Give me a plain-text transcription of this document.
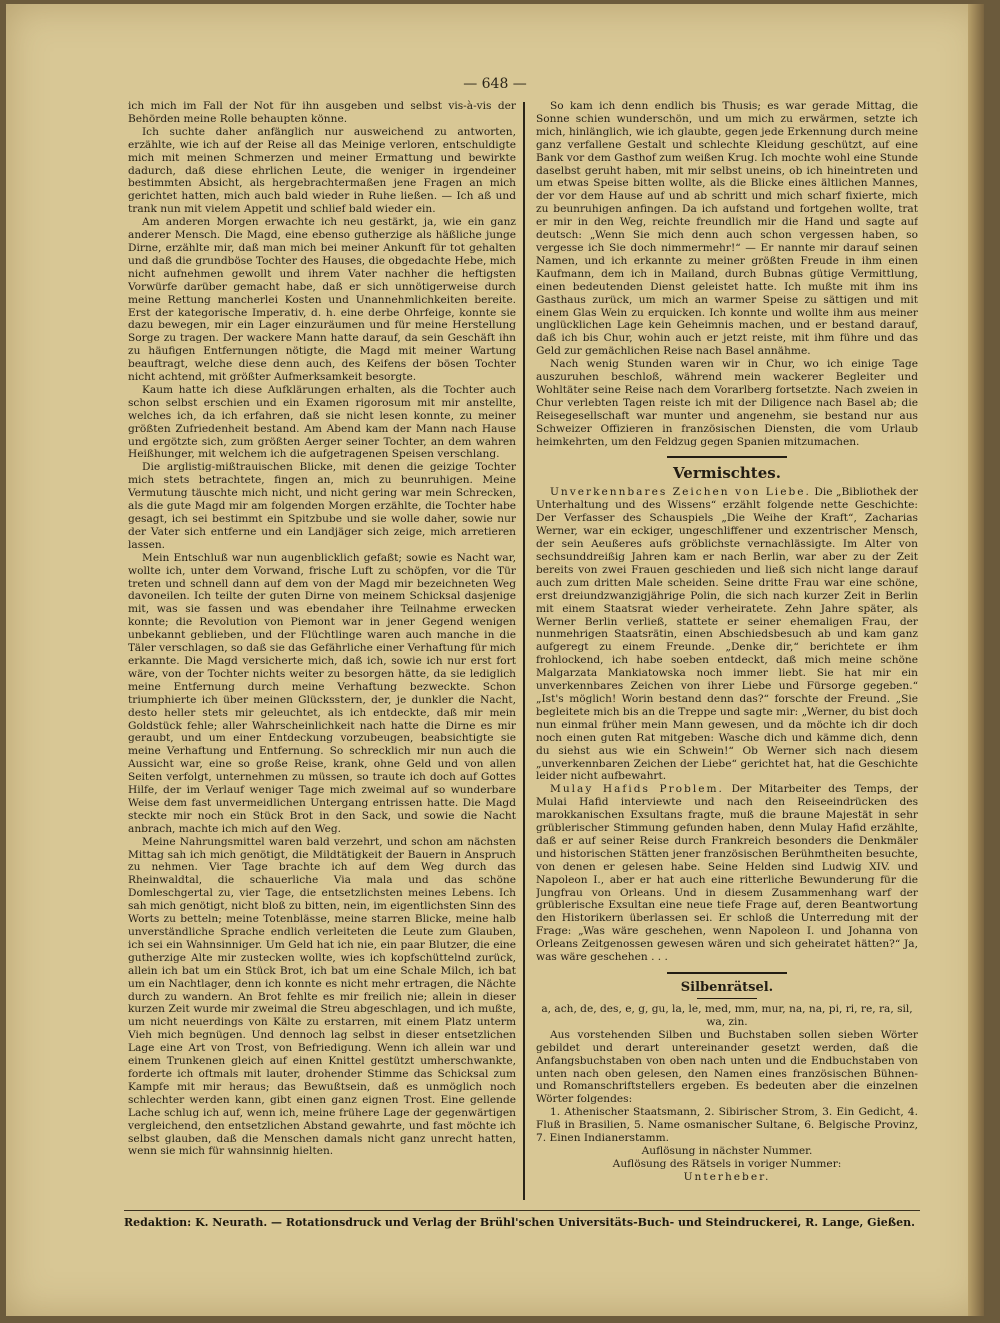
— 648 —

ich mich im Fall der Not für ihn ausgeben und selbst vis-à-vis der Behörden meine Rolle behaupten könne.

Ich suchte daher anfänglich nur ausweichend zu antworten, erzählte, wie ich auf der Reise all das Meinige verloren, entschuldigte mich mit meinen Schmerzen und meiner Ermattung und bewirkte dadurch, daß diese ehrlichen Leute, die weniger in irgendeiner bestimmten Absicht, als hergebrachtermaßen jene Fragen an mich gerichtet hatten, mich auch bald wieder in Ruhe ließen. — Ich aß und trank nun mit vielem Appetit und schlief bald wieder ein.

Am anderen Morgen erwachte ich neu gestärkt, ja, wie ein ganz anderer Mensch. Die Magd, eine ebenso gutherzige als häßliche junge Dirne, erzählte mir, daß man mich bei meiner Ankunft für tot gehalten und daß die grundböse Tochter des Hauses, die obgedachte Hebe, mich nicht aufnehmen gewollt und ihrem Vater nachher die heftigsten Vorwürfe darüber gemacht habe, daß er sich unnötigerweise durch meine Rettung mancherlei Kosten und Unannehmlichkeiten bereite. Erst der kategorische Imperativ, d. h. eine derbe Ohrfeige, konnte sie dazu bewegen, mir ein Lager einzuräumen und für meine Herstellung Sorge zu tragen. Der wackere Mann hatte darauf, da sein Geschäft ihn zu häufigen Entfernungen nötigte, die Magd mit meiner Wartung beauftragt, welche diese denn auch, des Keifens der bösen Tochter nicht achtend, mit größter Aufmerksamkeit besorgte.

Kaum hatte ich diese Aufklärungen erhalten, als die Tochter auch schon selbst erschien und ein Examen rigorosum mit mir anstellte, welches ich, da ich erfahren, daß sie nicht lesen konnte, zu meiner größten Zufriedenheit bestand. Am Abend kam der Mann nach Hause und ergötzte sich, zum größten Aerger seiner Tochter, an dem wahren Heißhunger, mit welchem ich die aufgetragenen Speisen verschlang.

Die arglistig-mißtrauischen Blicke, mit denen die geizige Tochter mich stets betrachtete, fingen an, mich zu beunruhigen. Meine Vermutung täuschte mich nicht, und nicht gering war mein Schrecken, als die gute Magd mir am folgenden Morgen erzählte, die Tochter habe gesagt, ich sei bestimmt ein Spitzbube und sie wolle daher, sowie nur der Vater sich entferne und ein Landjäger sich zeige, mich arretieren lassen.

Mein Entschluß war nun augenblicklich gefaßt; sowie es Nacht war, wollte ich, unter dem Vorwand, frische Luft zu schöpfen, vor die Tür treten und schnell dann auf dem von der Magd mir bezeichneten Weg davoneilen. Ich teilte der guten Dirne von meinem Schicksal dasjenige mit, was sie fassen und was ebendaher ihre Teilnahme erwecken konnte; die Revolution von Piemont war in jener Gegend wenigen unbekannt geblieben, und der Flüchtlinge waren auch manche in die Täler verschlagen, so daß sie das Gefährliche einer Verhaftung für mich erkannte. Die Magd versicherte mich, daß ich, sowie ich nur erst fort wäre, von der Tochter nichts weiter zu besorgen hätte, da sie lediglich meine Entfernung durch meine Verhaftung bezweckte. Schon triumphierte ich über meinen Glücksstern, der, je dunkler die Nacht, desto heller stets mir geleuchtet, als ich entdeckte, daß mir mein Goldstück fehle; aller Wahrscheinlichkeit nach hatte die Dirne es mir geraubt, und um einer Entdeckung vorzubeugen, beabsichtigte sie meine Verhaftung und Entfernung. So schrecklich mir nun auch die Aussicht war, eine so große Reise, krank, ohne Geld und von allen Seiten verfolgt, unternehmen zu müssen, so traute ich doch auf Gottes Hilfe, der im Verlauf weniger Tage mich zweimal auf so wunderbare Weise dem fast unvermeidlichen Untergang entrissen hatte. Die Magd steckte mir noch ein Stück Brot in den Sack, und sowie die Nacht anbrach, machte ich mich auf den Weg.

Meine Nahrungsmittel waren bald verzehrt, und schon am nächsten Mittag sah ich mich genötigt, die Mildtätigkeit der Bauern in Anspruch zu nehmen. Vier Tage brachte ich auf dem Weg durch das Rheinwaldtal, die schauerliche Via mala und das schöne Domleschgertal zu, vier Tage, die entsetzlichsten meines Lebens. Ich sah mich genötigt, nicht bloß zu bitten, nein, im eigentlichsten Sinn des Worts zu betteln; meine Totenblässe, meine starren Blicke, meine halb unverständliche Sprache endlich verleiteten die Leute zum Glauben, ich sei ein Wahnsinniger. Um Geld hat ich nie, ein paar Blutzer, die eine gutherzige Alte mir zustecken wollte, wies ich kopfschüttelnd zurück, allein ich bat um ein Stück Brot, ich bat um eine Schale Milch, ich bat um ein Nachtlager, denn ich konnte es nicht mehr ertragen, die Nächte durch zu wandern. An Brot fehlte es mir freilich nie; allein in dieser kurzen Zeit wurde mir zweimal die Streu abgeschlagen, und ich mußte, um nicht neuerdings von Kälte zu erstarren, mit einem Platz unterm Vieh mich begnügen. Und dennoch lag selbst in dieser entsetzlichen Lage eine Art von Trost, von Befriedigung. Wenn ich allein war und einem Trunkenen gleich auf einen Knittel gestützt umherschwankte, forderte ich oftmals mit lauter, drohender Stimme das Schicksal zum Kampfe mit mir heraus; das Bewußtsein, daß es unmöglich noch schlechter werden kann, gibt einen ganz eignen Trost. Eine gellende Lache schlug ich auf, wenn ich, meine frühere Lage der gegenwärtigen vergleichend, den entsetzlichen Abstand gewahrte, und fast möchte ich selbst glauben, daß die Menschen damals nicht ganz unrecht hatten, wenn sie mich für wahnsinnig hielten.

So kam ich denn endlich bis Thusis; es war gerade Mittag, die Sonne schien wunderschön, und um mich zu erwärmen, setzte ich mich, hinlänglich, wie ich glaubte, gegen jede Erkennung durch meine ganz verfallene Gestalt und schlechte Kleidung geschützt, auf eine Bank vor dem Gasthof zum weißen Krug. Ich mochte wohl eine Stunde daselbst geruht haben, mit mir selbst uneins, ob ich hineintreten und um etwas Speise bitten wollte, als die Blicke eines ältlichen Mannes, der vor dem Hause auf und ab schritt und mich scharf fixierte, mich zu beunruhigen anfingen. Da ich aufstand und fortgehen wollte, trat er mir in den Weg, reichte freundlich mir die Hand und sagte auf deutsch: „Wenn Sie mich denn auch schon vergessen haben, so vergesse ich Sie doch nimmermehr!“ — Er nannte mir darauf seinen Namen, und ich erkannte zu meiner größten Freude in ihm einen Kaufmann, dem ich in Mailand, durch Bubnas gütige Vermittlung, einen bedeutenden Dienst geleistet hatte. Ich mußte mit ihm ins Gasthaus zurück, um mich an warmer Speise zu sättigen und mit einem Glas Wein zu erquicken. Ich konnte und wollte ihm aus meiner unglücklichen Lage kein Geheimnis machen, und er bestand darauf, daß ich bis Chur, wohin auch er jetzt reiste, mit ihm führe und das Geld zur gemächlichen Reise nach Basel annähme.

Nach wenig Stunden waren wir in Chur, wo ich einige Tage auszuruhen beschloß, während mein wackerer Begleiter und Wohltäter seine Reise nach dem Vorarlberg fortsetzte. Nach zweien in Chur verlebten Tagen reiste ich mit der Diligence nach Basel ab; die Reisegesellschaft war munter und angenehm, sie bestand nur aus Schweizer Offizieren in französischen Diensten, die vom Urlaub heimkehrten, um den Feldzug gegen Spanien mitzumachen.

Vermischtes.

Unverkennbares Zeichen von Liebe. Die „Bibliothek der Unterhaltung und des Wissens“ erzählt folgende nette Geschichte: Der Verfasser des Schauspiels „Die Weihe der Kraft“, Zacharias Werner, war ein eckiger, ungeschliffener und exzentrischer Mensch, der sein Aeußeres aufs gröblichste vernachlässigte. Im Alter von sechsunddreißig Jahren kam er nach Berlin, war aber zu der Zeit bereits von zwei Frauen geschieden und ließ sich nicht lange darauf auch zum dritten Male scheiden. Seine dritte Frau war eine schöne, erst dreiundzwanzigjährige Polin, die sich nach kurzer Zeit in Berlin mit einem Staatsrat wieder verheiratete. Zehn Jahre später, als Werner Berlin verließ, stattete er seiner ehemaligen Frau, der nunmehrigen Staatsrätin, einen Abschiedsbesuch ab und kam ganz aufgeregt zu einem Freunde. „Denke dir,“ berichtete er ihm frohlockend, ich habe soeben entdeckt, daß mich meine schöne Malgarzata Mankiatowska noch immer liebt. Sie hat mir ein unverkennbares Zeichen von ihrer Liebe und Fürsorge gegeben.“ „Ist's möglich! Worin bestand denn das?“ forschte der Freund. „Sie begleitete mich bis an die Treppe und sagte mir: „Werner, du bist doch nun einmal früher mein Mann gewesen, und da möchte ich dir doch noch einen guten Rat mitgeben: Wasche dich und kämme dich, denn du siehst aus wie ein Schwein!“ Ob Werner sich nach diesem „unverkennbaren Zeichen der Liebe“ gerichtet hat, hat die Geschichte leider nicht aufbewahrt.

Mulay Hafids Problem. Der Mitarbeiter des Temps, der Mulai Hafid interviewte und nach den Reiseeindrücken des marokkanischen Exsultans fragte, muß die braune Majestät in sehr grüblerischer Stimmung gefunden haben, denn Mulay Hafid erzählte, daß er auf seiner Reise durch Frankreich besonders die Denkmäler und historischen Stätten jener französischen Berühmtheiten besuchte, von denen er gelesen habe. Seine Helden sind Ludwig XIV. und Napoleon I., aber er hat auch eine ritterliche Bewunderung für die Jungfrau von Orleans. Und in diesem Zusammenhang warf der grüblerische Exsultan eine neue tiefe Frage auf, deren Beantwortung den Historikern überlassen sei. Er schloß die Unterredung mit der Frage: „Was wäre geschehen, wenn Napoleon I. und Johanna von Orleans Zeitgenossen gewesen wären und sich geheiratet hätten?“ Ja, was wäre geschehen . . .

Silbenrätsel.

a, ach, de, des, e, g, gu, la, le, med, mm, mur, na, na, pi, ri, re, ra, sil, wa, zin.

Aus vorstehenden Silben und Buchstaben sollen sieben Wörter gebildet und derart untereinander gesetzt werden, daß die Anfangsbuchstaben von oben nach unten und die Endbuchstaben von unten nach oben gelesen, den Namen eines französischen Bühnen- und Romanschriftstellers ergeben. Es bedeuten aber die einzelnen Wörter folgendes:

1. Athenischer Staatsmann, 2. Sibirischer Strom, 3. Ein Gedicht, 4. Fluß in Brasilien, 5. Name osmanischer Sultane, 6. Belgische Provinz, 7. Einen Indianerstamm.

Auflösung in nächster Nummer.

Auflösung des Rätsels in voriger Nummer:

Unterheber.

Redaktion: K. Neurath. — Rotationsdruck und Verlag der Brühl'schen Universitäts-Buch- und Steindruckerei, R. Lange, Gießen.
